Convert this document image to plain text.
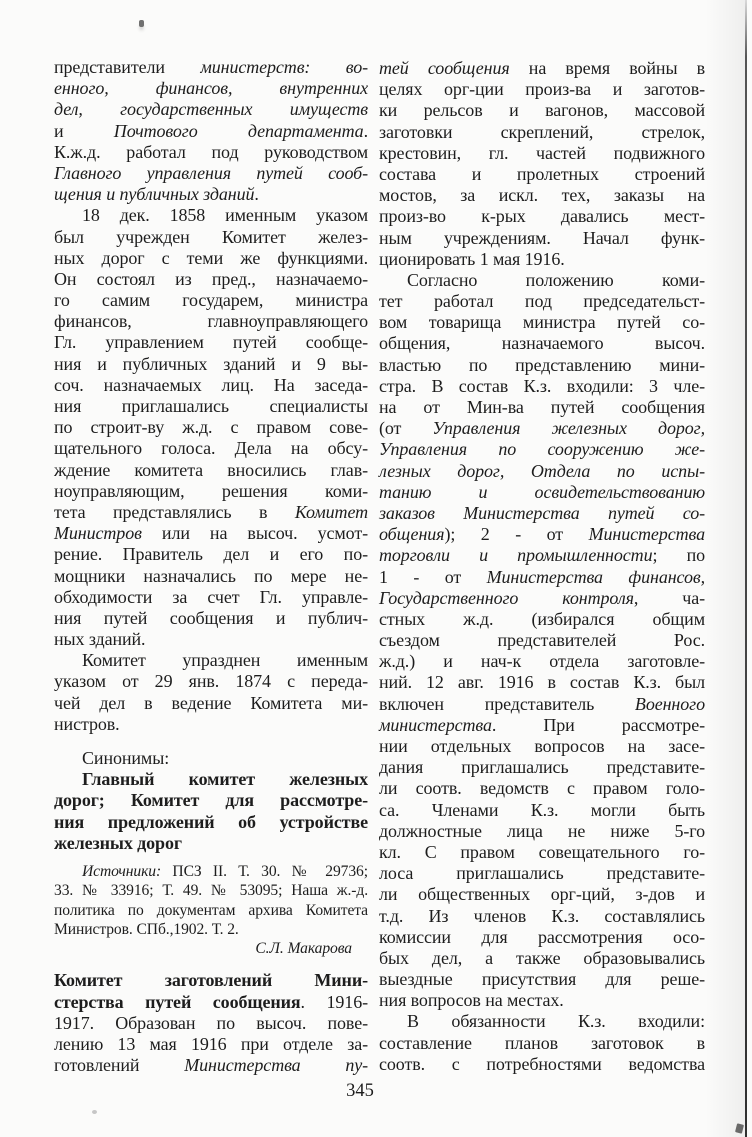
представители министерств: во-
енного, финансов, внутренних
дел, государственных имуществ
и Почтового департамента.
К.ж.д. работал под руководством
Главного управления путей сооб-
щения и публичных зданий.
18 дек. 1858 именным указом
был учрежден Комитет желез-
ных дорог с теми же функциями.
Он состоял из пред., назначаемо-
го самим государем, министра
финансов, главноуправляющего
Гл. управлением путей сообще-
ния и публичных зданий и 9 вы-
соч. назначаемых лиц. На заседа-
ния приглашались специалисты
по строит-ву ж.д. с правом сове-
щательного голоса. Дела на обсу-
ждение комитета вносились глав-
ноуправляющим, решения коми-
тета представлялись в Комитет
Министров или на высоч. усмот-
рение. Правитель дел и его по-
мощники назначались по мере не-
обходимости за счет Гл. управле-
ния путей сообщения и публич-
ных зданий.
Комитет упразднен именным
указом от 29 янв. 1874 с переда-
чей дел в ведение Комитета ми-
нистров.
Синонимы:
Главный комитет железных
дорог; Комитет для рассмотре-
ния предложений об устройстве
железных дорог
Источники: ПСЗ II. Т. 30. № 29736;
33. № 33916; Т. 49. № 53095; Наша ж.-д.
политика по документам архива Комитета
Министров. СПб.,1902. Т. 2.
С.Л. Макарова
Комитет заготовлений Мини-
стерства путей сообщения. 1916-
1917. Образован по высоч. пове-
лению 13 мая 1916 при отделе за-
готовлений Министерства пу-
тей сообщения на время войны в
целях орг-ции произ-ва и заготов-
ки рельсов и вагонов, массовой
заготовки скреплений, стрелок,
крестовин, гл. частей подвижного
состава и пролетных строений
мостов, за искл. тех, заказы на
произ-во к-рых давались мест-
ным учреждениям. Начал функ-
ционировать 1 мая 1916.
Согласно положению коми-
тет работал под председательст-
вом товарища министра путей со-
общения, назначаемого высоч.
властью по представлению мини-
стра. В состав К.з. входили: 3 чле-
на от Мин-ва путей сообщения
(от Управления железных дорог,
Управления по сооружению же-
лезных дорог, Отдела по испы-
танию и освидетельствованию
заказов Министерства путей со-
общения); 2 - от Министерства
торговли и промышленности; по
1 - от Министерства финансов,
Государственного контроля, ча-
стных ж.д. (избирался общим
съездом представителей Рос.
ж.д.) и нач-к отдела заготовле-
ний. 12 авг. 1916 в состав К.з. был
включен представитель Военного
министерства. При рассмотре-
нии отдельных вопросов на засе-
дания приглашались представите-
ли соотв. ведомств с правом голо-
са. Членами К.з. могли быть
должностные лица не ниже 5-го
кл. С правом совещательного го-
лоса приглашались представите-
ли общественных орг-ций, з-дов и
т.д. Из членов К.з. составлялись
комиссии для рассмотрения осо-
бых дел, а также образовывались
выездные присутствия для реше-
ния вопросов на местах.
В обязанности К.з. входили:
составление планов заготовок в
соотв. с потребностями ведомства
345
